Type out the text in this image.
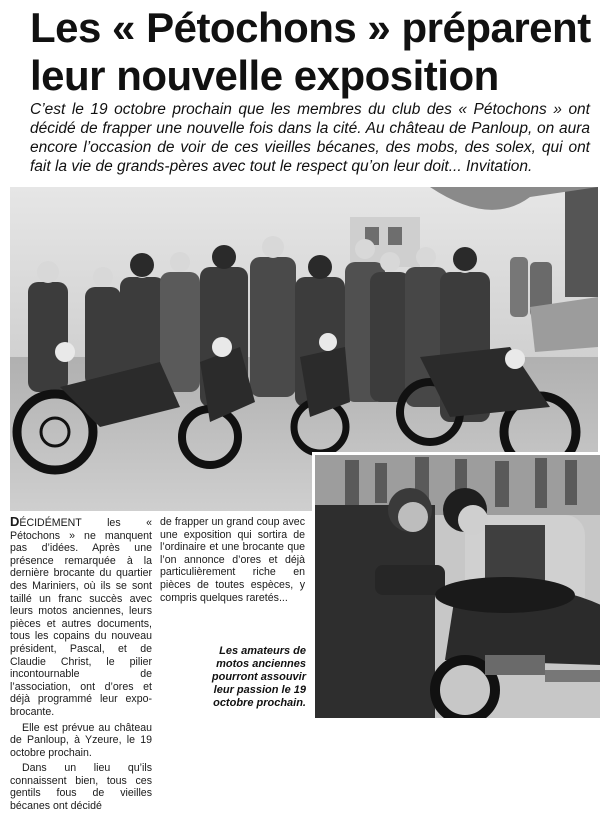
Les « Pétochons » préparent
leur nouvelle exposition

C’est le 19 octobre prochain que les membres du club des « Pétochons » ont décidé de frapper une nouvelle fois dans la cité. Au château de Panloup, on aura encore l’occasion de voir de ces vieilles bécanes, des mobs, des solex, qui ont fait la vie de grands-pères avec tout le respect qu’on leur doit... Invitation.

DÉCIDÉMENT les « Pétochons » ne manquent pas d’idées. Après une présence remarquée à la dernière brocante du quartier des Mariniers, où ils se sont taillé un franc succès avec leurs motos anciennes, leurs pièces et autres documents, tous les copains du nouveau président, Pascal, et de Claudie Christ, le pilier incontournable de l’association, ont d’ores et déjà programmé leur expo-brocante.

Elle est prévue au château de Panloup, à Yzeure, le 19 octobre prochain.

Dans un lieu qu’ils connaissent bien, tous ces gentils fous de vieilles bécanes ont décidé

de frapper un grand coup avec une exposition qui sortira de l’ordinaire et une brocante que l’on annonce d’ores et déjà particulièrement riche en pièces de toutes espèces, y compris quelques raretés...

Les amateurs de motos anciennes pourront assouvir leur passion le 19 octobre prochain.
